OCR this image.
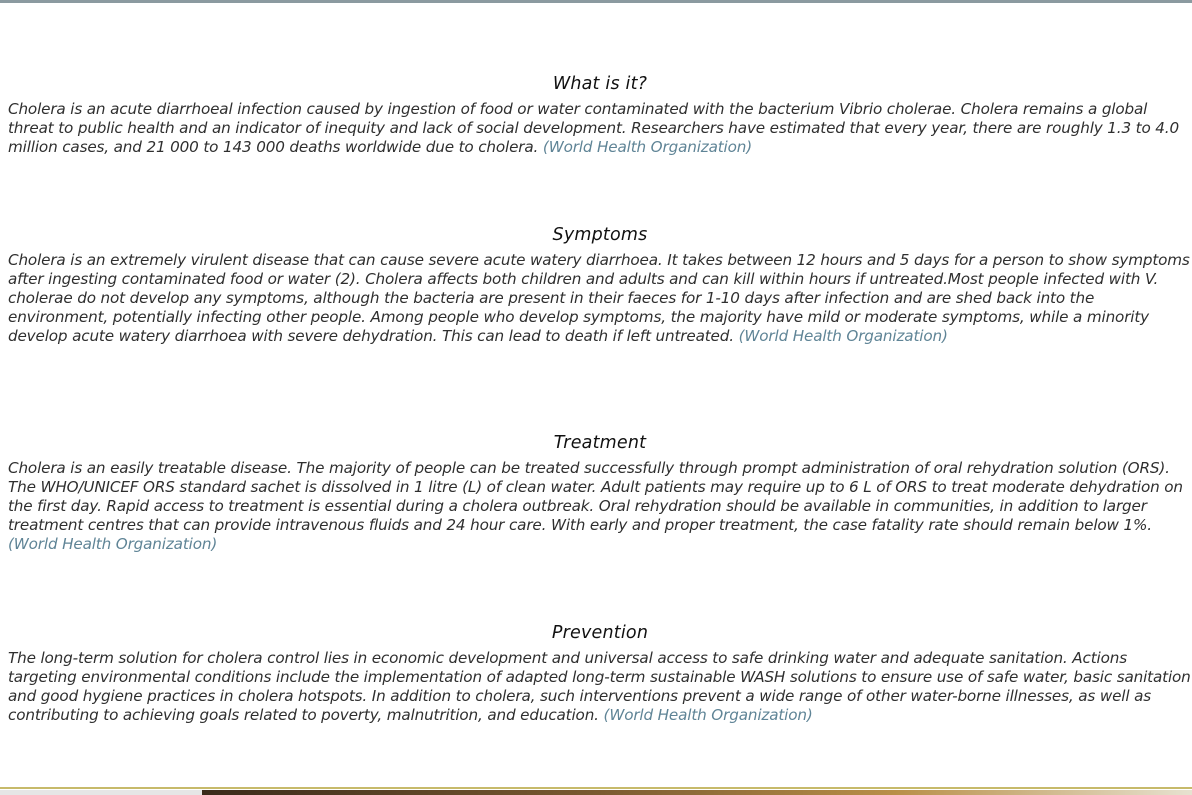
What is it?

Cholera is an acute diarrhoeal infection caused by ingestion of food or water contaminated with the bacterium Vibrio cholerae. Cholera remains a global threat to public health and an indicator of inequity and lack of social development. Researchers have estimated that every year, there are roughly 1.3 to 4.0 million cases, and 21 000 to 143 000 deaths worldwide due to cholera. (World Health Organization)

Symptoms

Cholera is an extremely virulent disease that can cause severe acute watery diarrhoea. It takes between 12 hours and 5 days for a person to show symptoms after ingesting contaminated food or water (2). Cholera affects both children and adults and can kill within hours if untreated.Most people infected with V. cholerae do not develop any symptoms, although the bacteria are present in their faeces for 1-10 days after infection and are shed back into the environment, potentially infecting other people. Among people who develop symptoms, the majority have mild or moderate symptoms, while a minority develop acute watery diarrhoea with severe dehydration. This can lead to death if left untreated. (World Health Organization)

Treatment

Cholera is an easily treatable disease. The majority of people can be treated successfully through prompt administration of oral rehydration solution (ORS). The WHO/UNICEF ORS standard sachet is dissolved in 1 litre (L) of clean water. Adult patients may require up to 6 L of ORS to treat moderate dehydration on the first day. Rapid access to treatment is essential during a cholera outbreak. Oral rehydration should be available in communities, in addition to larger treatment centres that can provide intravenous fluids and 24 hour care. With early and proper treatment, the case fatality rate should remain below 1%. (World Health Organization)

Prevention

The long-term solution for cholera control lies in economic development and universal access to safe drinking water and adequate sanitation. Actions targeting environmental conditions include the implementation of adapted long-term sustainable WASH solutions to ensure use of safe water, basic sanitation and good hygiene practices in cholera hotspots. In addition to cholera, such interventions prevent a wide range of other water-borne illnesses, as well as contributing to achieving goals related to poverty, malnutrition, and education. (World Health Organization)
